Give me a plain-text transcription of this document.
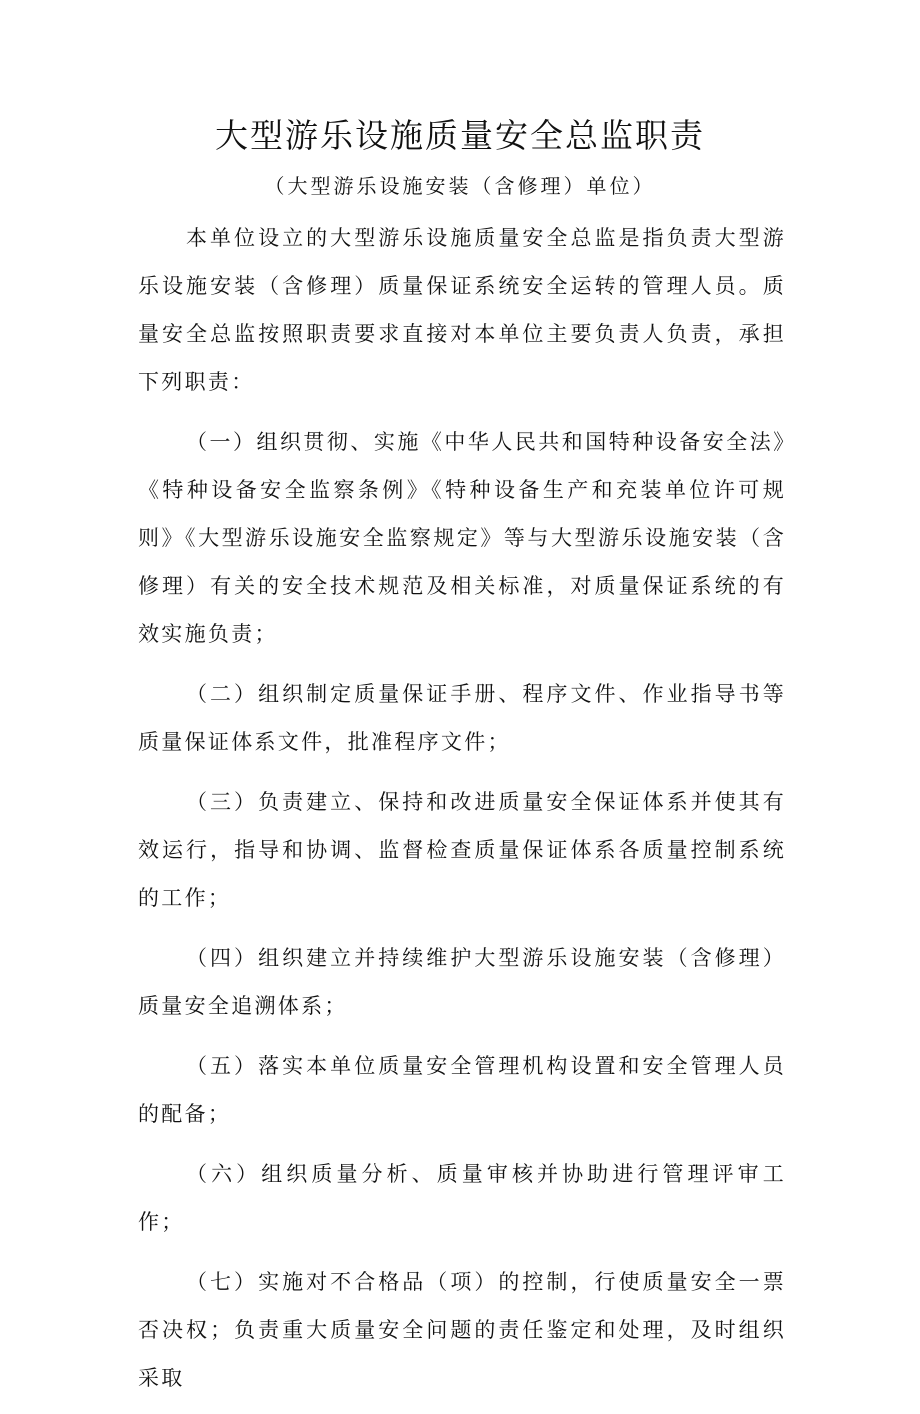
大型游乐设施质量安全总监职责

（大型游乐设施安装（含修理）单位）

本单位设立的大型游乐设施质量安全总监是指负责大型游乐设施安装（含修理）质量保证系统安全运转的管理人员。质量安全总监按照职责要求直接对本单位主要负责人负责，承担下列职责：

（一）组织贯彻、实施《中华人民共和国特种设备安全法》《特种设备安全监察条例》《特种设备生产和充装单位许可规则》《大型游乐设施安全监察规定》等与大型游乐设施安装（含修理）有关的安全技术规范及相关标准，对质量保证系统的有效实施负责；

（二）组织制定质量保证手册、程序文件、作业指导书等质量保证体系文件，批准程序文件；

（三）负责建立、保持和改进质量安全保证体系并使其有效运行，指导和协调、监督检查质量保证体系各质量控制系统的工作；

（四）组织建立并持续维护大型游乐设施安装（含修理）质量安全追溯体系；

（五）落实本单位质量安全管理机构设置和安全管理人员的配备；

（六）组织质量分析、质量审核并协助进行管理评审工作；

（七）实施对不合格品（项）的控制，行使质量安全一票否决权；负责重大质量安全问题的责任鉴定和处理，及时组织采取
